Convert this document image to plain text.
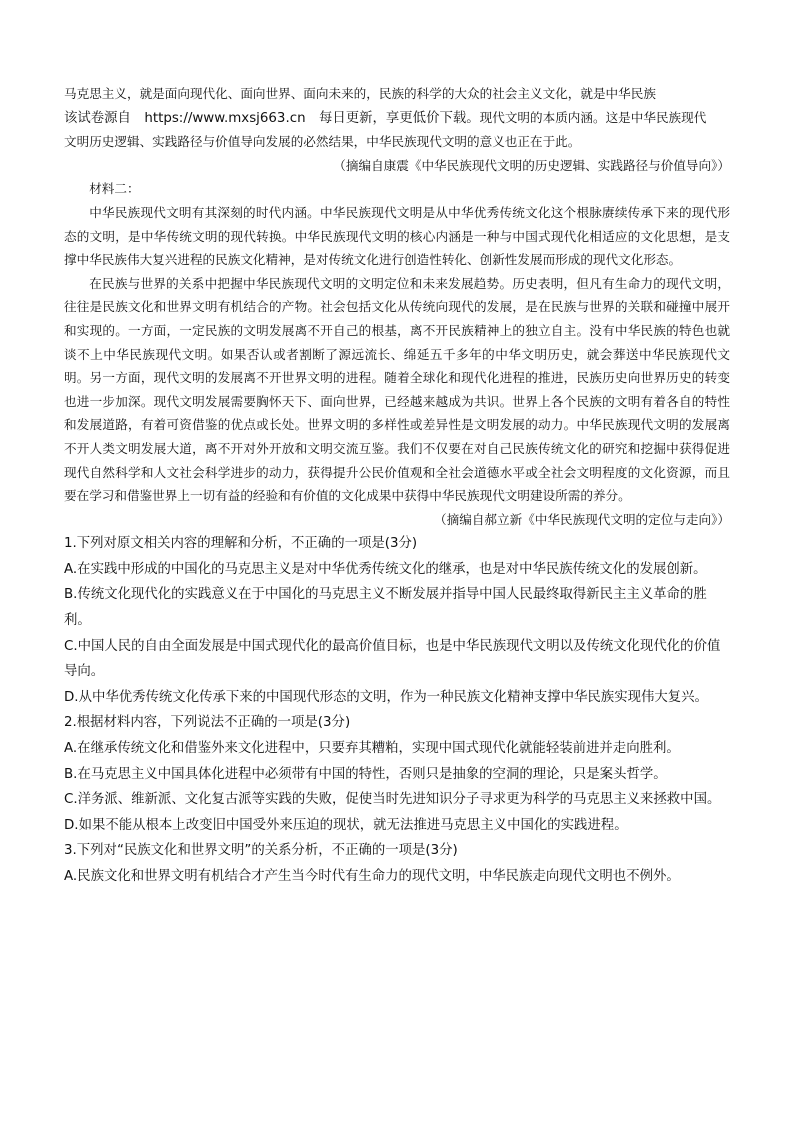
马克思主义，就是面向现代化、面向世界、面向未来的，民族的科学的大众的社会主义文化，就是中华民族

该试卷源自　https://www.mxsj663.cn　每日更新，享更低价下载。现代文明的本质内涵。这是中华民族现代

文明历史逻辑、实践路径与价值导向发展的必然结果，中华民族现代文明的意义也正在于此。

（摘编自康震《中华民族现代文明的历史逻辑、实践路径与价值导向》）

材料二：

中华民族现代文明有其深刻的时代内涵。中华民族现代文明是从中华优秀传统文化这个根脉赓续传承下来的现代形态的文明，是中华传统文明的现代转换。中华民族现代文明的核心内涵是一种与中国式现代化相适应的文化思想，是支撑中华民族伟大复兴进程的民族文化精神，是对传统文化进行创造性转化、创新性发展而形成的现代文化形态。

在民族与世界的关系中把握中华民族现代文明的文明定位和未来发展趋势。历史表明，但凡有生命力的现代文明，往往是民族文化和世界文明有机结合的产物。社会包括文化从传统向现代的发展，是在民族与世界的关联和碰撞中展开和实现的。一方面，一定民族的文明发展离不开自己的根基，离不开民族精神上的独立自主。没有中华民族的特色也就谈不上中华民族现代文明。如果否认或者割断了源远流长、绵延五千多年的中华文明历史，就会葬送中华民族现代文明。另一方面，现代文明的发展离不开世界文明的进程。随着全球化和现代化进程的推进，民族历史向世界历史的转变也进一步加深。现代文明发展需要胸怀天下、面向世界，已经越来越成为共识。世界上各个民族的文明有着各自的特性和发展道路，有着可资借鉴的优点或长处。世界文明的多样性或差异性是文明发展的动力。中华民族现代文明的发展离不开人类文明发展大道，离不开对外开放和文明交流互鉴。我们不仅要在对自己民族传统文化的研究和挖掘中获得促进现代自然科学和人文社会科学进步的动力，获得提升公民价值观和全社会道德水平或全社会文明程度的文化资源，而且要在学习和借鉴世界上一切有益的经验和有价值的文化成果中获得中华民族现代文明建设所需的养分。

（摘编自郝立新《中华民族现代文明的定位与走向》）

1.下列对原文相关内容的理解和分析，不正确的一项是(3分)

A.在实践中形成的中国化的马克思主义是对中华优秀传统文化的继承，也是对中华民族传统文化的发展创新。

B.传统文化现代化的实践意义在于中国化的马克思主义不断发展并指导中国人民最终取得新民主主义革命的胜利。

C.中国人民的自由全面发展是中国式现代化的最高价值目标，也是中华民族现代文明以及传统文化现代化的价值导向。

D.从中华优秀传统文化传承下来的中国现代形态的文明，作为一种民族文化精神支撑中华民族实现伟大复兴。

2.根据材料内容，下列说法不正确的一项是(3分)

A.在继承传统文化和借鉴外来文化进程中，只要弃其糟粕，实现中国式现代化就能轻装前进并走向胜利。

B.在马克思主义中国具体化进程中必须带有中国的特性，否则只是抽象的空洞的理论，只是案头哲学。

C.洋务派、维新派、文化复古派等实践的失败，促使当时先进知识分子寻求更为科学的马克思主义来拯救中国。

D.如果不能从根本上改变旧中国受外来压迫的现状，就无法推进马克思主义中国化的实践进程。

3.下列对“民族文化和世界文明”的关系分析，不正确的一项是(3分)

A.民族文化和世界文明有机结合才产生当今时代有生命力的现代文明，中华民族走向现代文明也不例外。
